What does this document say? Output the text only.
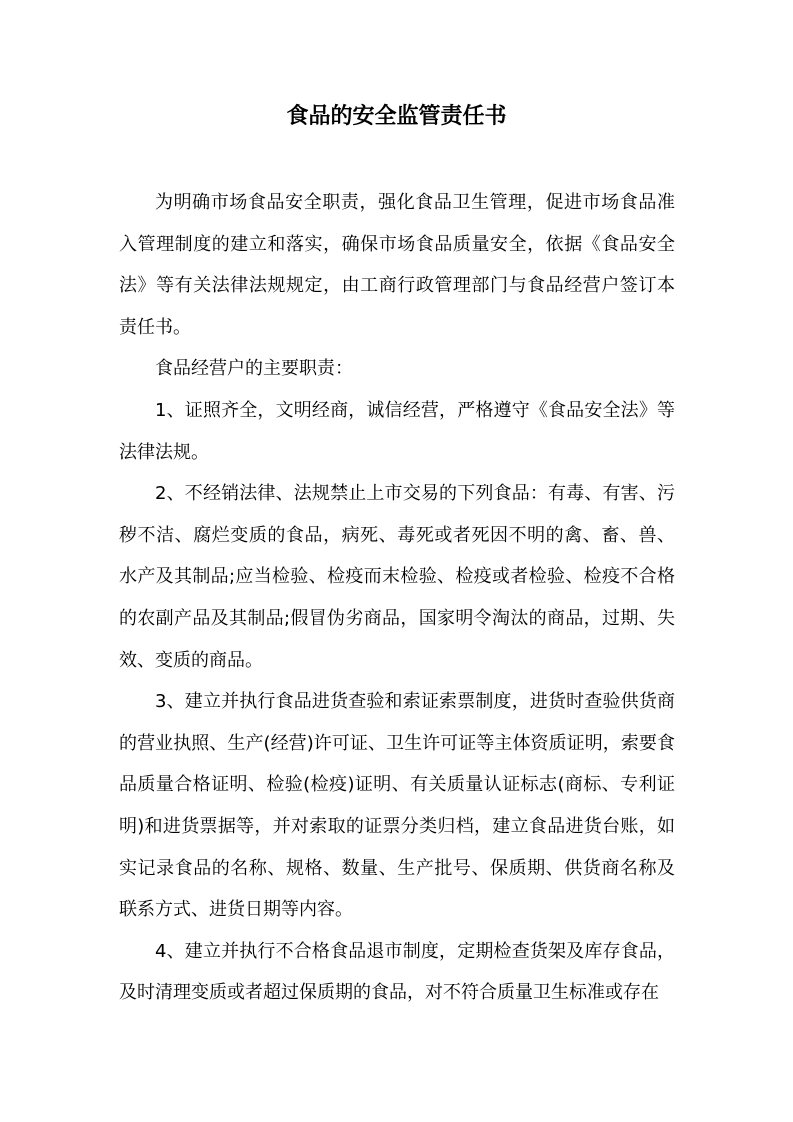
食品的安全监管责任书

为明确市场食品安全职责，强化食品卫生管理，促进市场食品准入管理制度的建立和落实，确保市场食品质量安全，依据《食品安全法》等有关法律法规规定，由工商行政管理部门与食品经营户签订本责任书。

食品经营户的主要职责：

1、证照齐全，文明经商，诚信经营，严格遵守《食品安全法》等法律法规。

2、不经销法律、法规禁止上市交易的下列食品：有毒、有害、污秽不洁、腐烂变质的食品，病死、毒死或者死因不明的禽、畜、兽、水产及其制品;应当检验、检疫而末检验、检疫或者检验、检疫不合格的农副产品及其制品;假冒伪劣商品，国家明令淘汰的商品，过期、失效、变质的商品。

3、建立并执行食品进货查验和索证索票制度，进货时查验供货商的营业执照、生产(经营)许可证、卫生许可证等主体资质证明，索要食品质量合格证明、检验(检疫)证明、有关质量认证标志(商标、专利证明)和进货票据等，并对索取的证票分类归档，建立食品进货台账，如实记录食品的名称、规格、数量、生产批号、保质期、供货商名称及联系方式、进货日期等内容。

4、建立并执行不合格食品退市制度，定期检查货架及库存食品，及时清理变质或者超过保质期的食品，对不符合质量卫生标准或存在
